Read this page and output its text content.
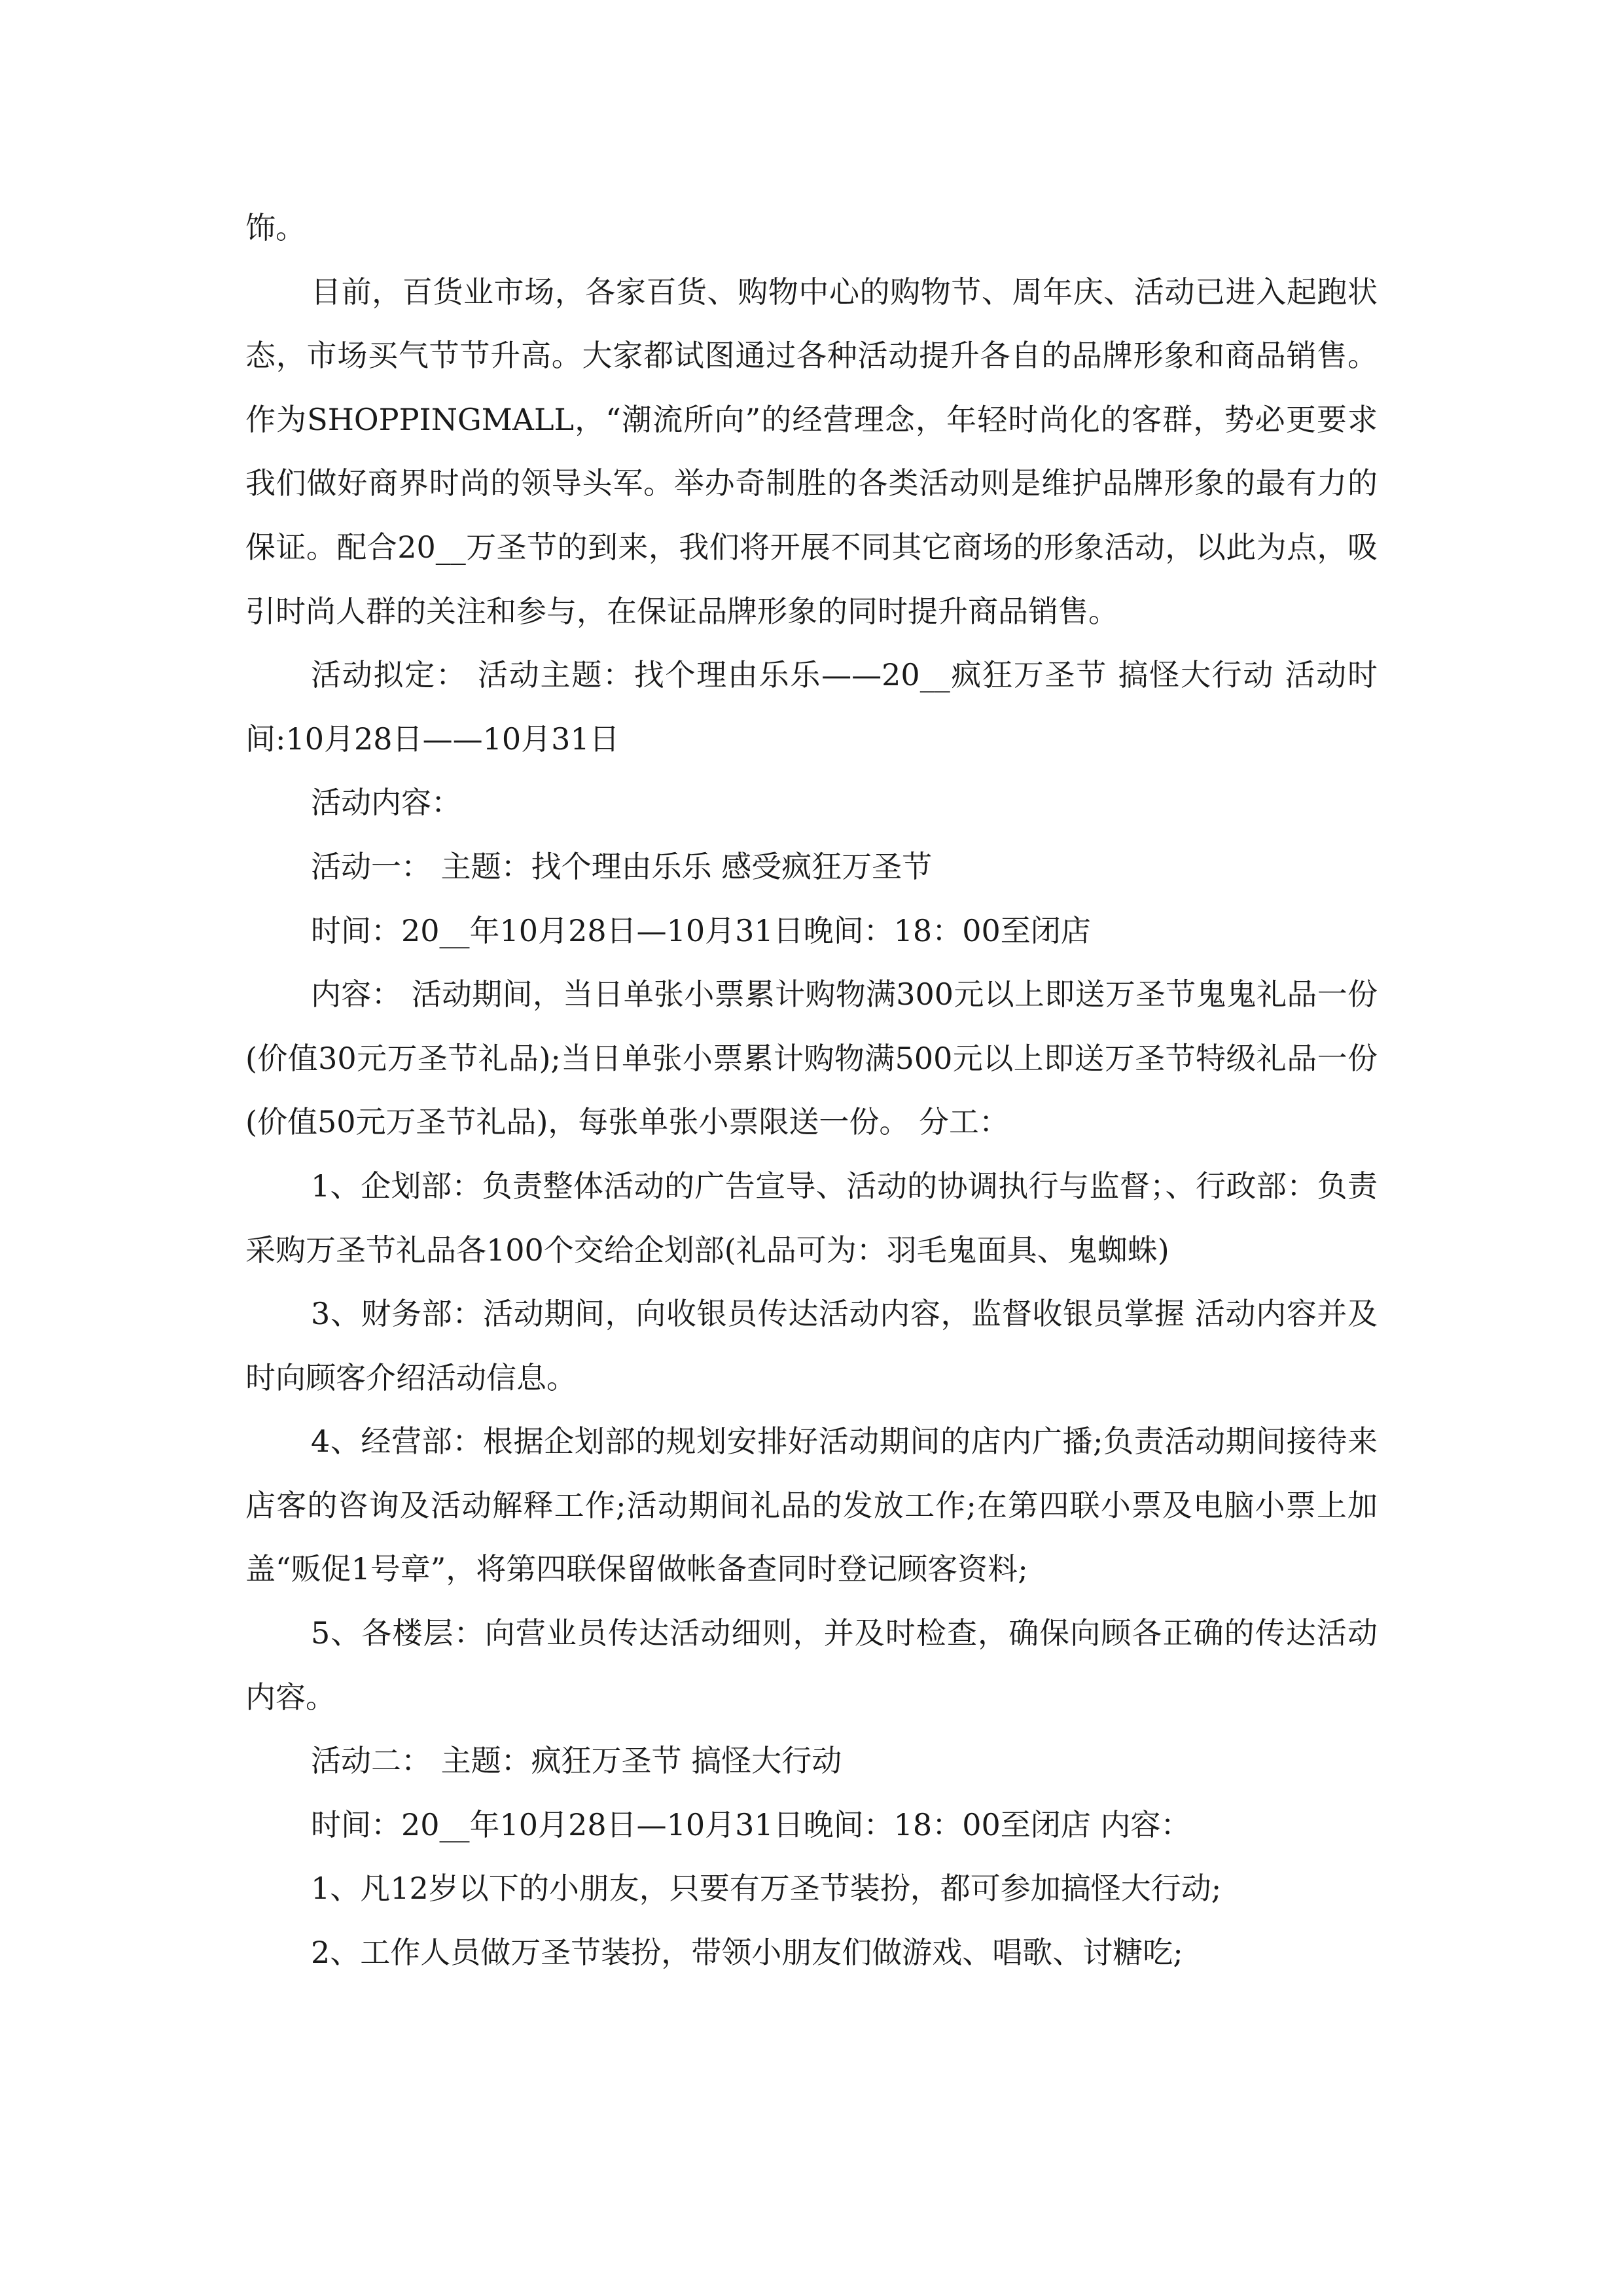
饰。

目前，百货业市场，各家百货、购物中心的购物节、周年庆、活动已进入起跑状态，市场买气节节升高。大家都试图通过各种活动提升各自的品牌形象和商品销售。作为SHOPPINGMALL，“潮流所向”的经营理念，年轻时尚化的客群，势必更要求我们做好商界时尚的领导头军。举办奇制胜的各类活动则是维护品牌形象的最有力的保证。配合20__万圣节的到来，我们将开展不同其它商场的形象活动，以此为点，吸引时尚人群的关注和参与，在保证品牌形象的同时提升商品销售。

活动拟定： 活动主题：找个理由乐乐——20__疯狂万圣节 搞怪大行动 活动时间:10月28日——10月31日

活动内容：

活动一： 主题：找个理由乐乐 感受疯狂万圣节

时间：20__年10月28日—10月31日晚间：18：00至闭店

内容： 活动期间，当日单张小票累计购物满300元以上即送万圣节鬼鬼礼品一份(价值30元万圣节礼品);当日单张小票累计购物满500元以上即送万圣节特级礼品一份(价值50元万圣节礼品)，每张单张小票限送一份。 分工：

1、企划部：负责整体活动的广告宣导、活动的协调执行与监督；、行政部：负责采购万圣节礼品各100个交给企划部(礼品可为：羽毛鬼面具、鬼蜘蛛)

3、财务部：活动期间，向收银员传达活动内容，监督收银员掌握 活动内容并及时向顾客介绍活动信息。

4、经营部：根据企划部的规划安排好活动期间的店内广播;负责活动期间接待来店客的咨询及活动解释工作;活动期间礼品的发放工作;在第四联小票及电脑小票上加盖“贩促1号章”，将第四联保留做帐备查同时登记顾客资料;

5、各楼层：向营业员传达活动细则，并及时检查，确保向顾各正确的传达活动内容。

活动二： 主题：疯狂万圣节 搞怪大行动

时间：20__年10月28日—10月31日晚间：18：00至闭店 内容：

1、凡12岁以下的小朋友，只要有万圣节装扮，都可参加搞怪大行动;

2、工作人员做万圣节装扮，带领小朋友们做游戏、唱歌、讨糖吃;
